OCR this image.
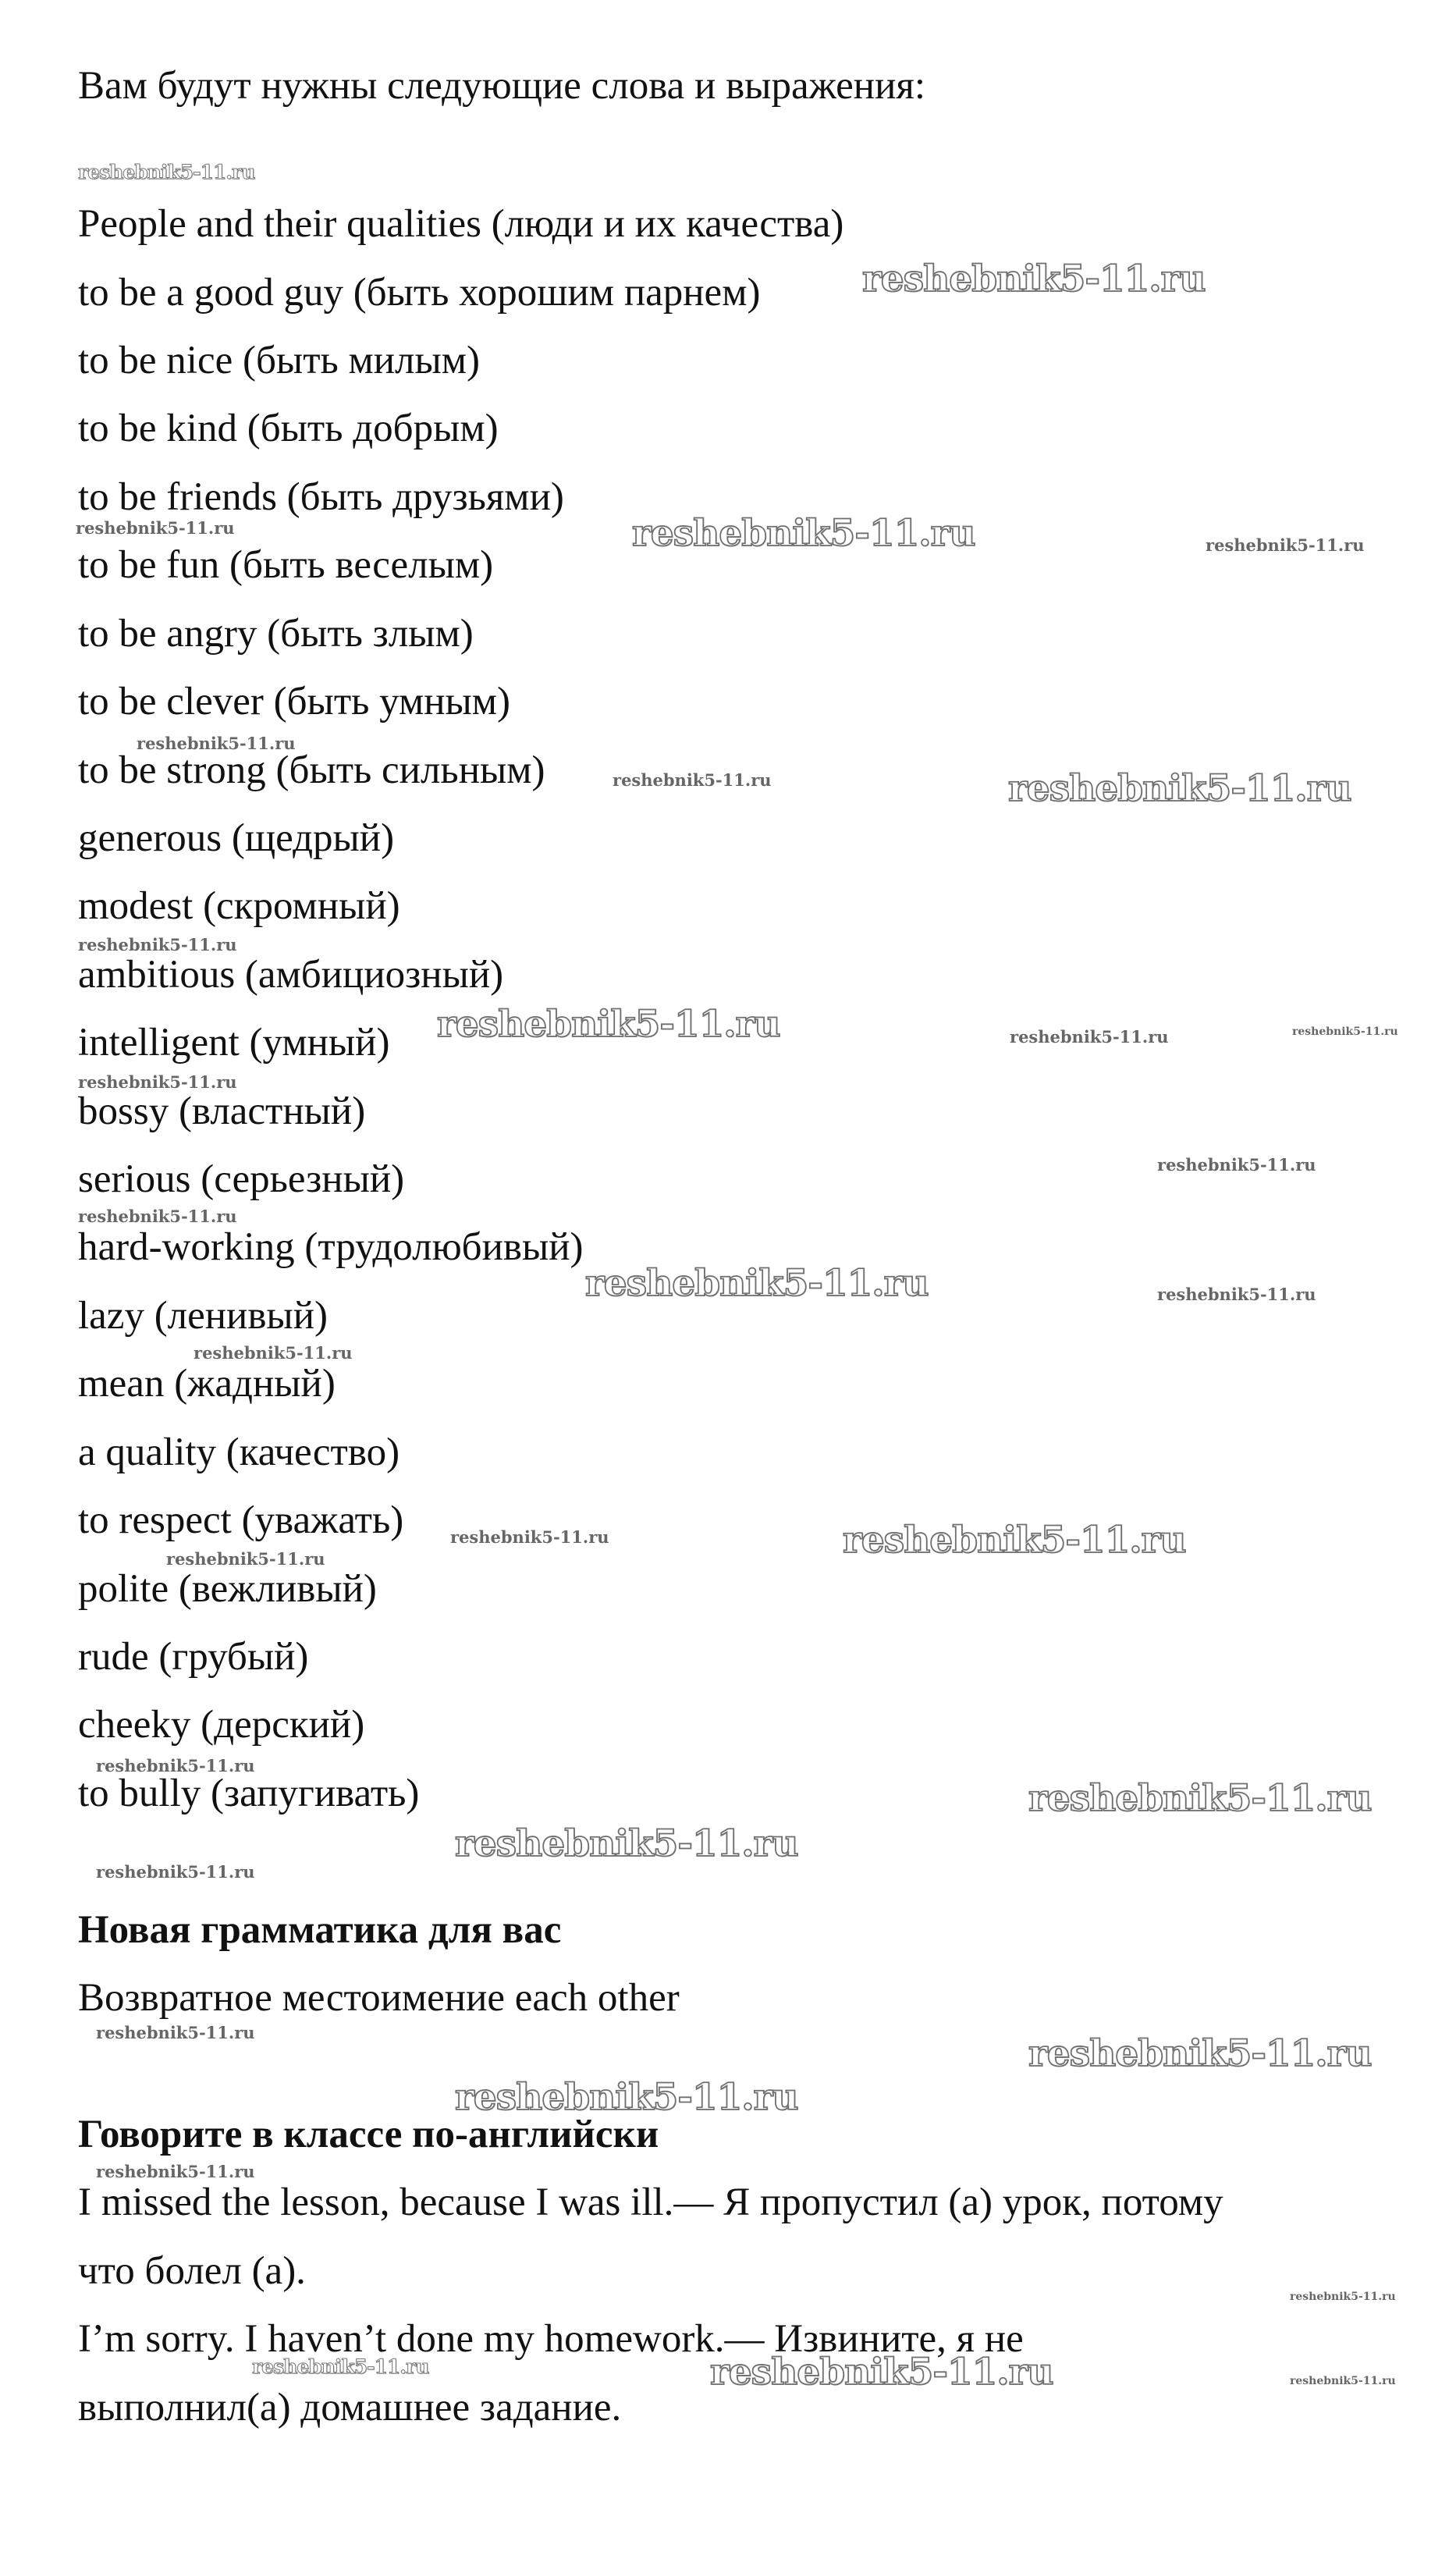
Вам будут нужны следующие слова и выражения:
People and their qualities (люди и их качества)
to be a good guy (быть хорошим парнем)
to be nice (быть милым)
to be kind (быть добрым)
to be friends (быть друзьями)
to be fun (быть веселым)
to be angry (быть злым)
to be clever (быть умным)
to be strong (быть сильным)
generous (щедрый)
modest (скромный)
ambitious (амбициозный)
intelligent (умный)
bossy (властный)
serious (серьезный)
hard-working (трудолюбивый)
lazy (ленивый)
mean (жадный)
a quality (качество)
to respect (уважать)
polite (вежливый)
rude (грубый)
cheeky (дерский)
to bully (запугивать)
Новая грамматика для вас
Возвратное местоимение each other
Говорите в классе по-английски
I missed the lesson, because I was ill.— Я пропустил (а) урок, потому
что болел (а).
I’m sorry. I haven’t done my homework.— Извините, я не
выполнил(а) домашнее задание.
reshebnik5-11.ru
reshebnik5-11.ru
reshebnik5-11.ru	reshebnik5-11.ru	reshebnik5-11.ru
reshebnik5-11.ru
reshebnik5-11.ru	reshebnik5-11.ru
reshebnik5-11.ru
reshebnik5-11.ru	reshebnik5-11.ru	reshebnik5-11.ru
reshebnik5-11.ru
reshebnik5-11.ru
reshebnik5-11.ru
reshebnik5-11.ru	reshebnik5-11.ru
reshebnik5-11.ru
reshebnik5-11.ru	reshebnik5-11.ru
reshebnik5-11.ru
reshebnik5-11.ru
reshebnik5-11.ru
reshebnik5-11.ru
reshebnik5-11.ru
reshebnik5-11.ru	reshebnik5-11.ru
reshebnik5-11.ru
reshebnik5-11.ru
reshebnik5-11.ru
reshebnik5-11.ru	reshebnik5-11.ru	reshebnik5-11.ru
